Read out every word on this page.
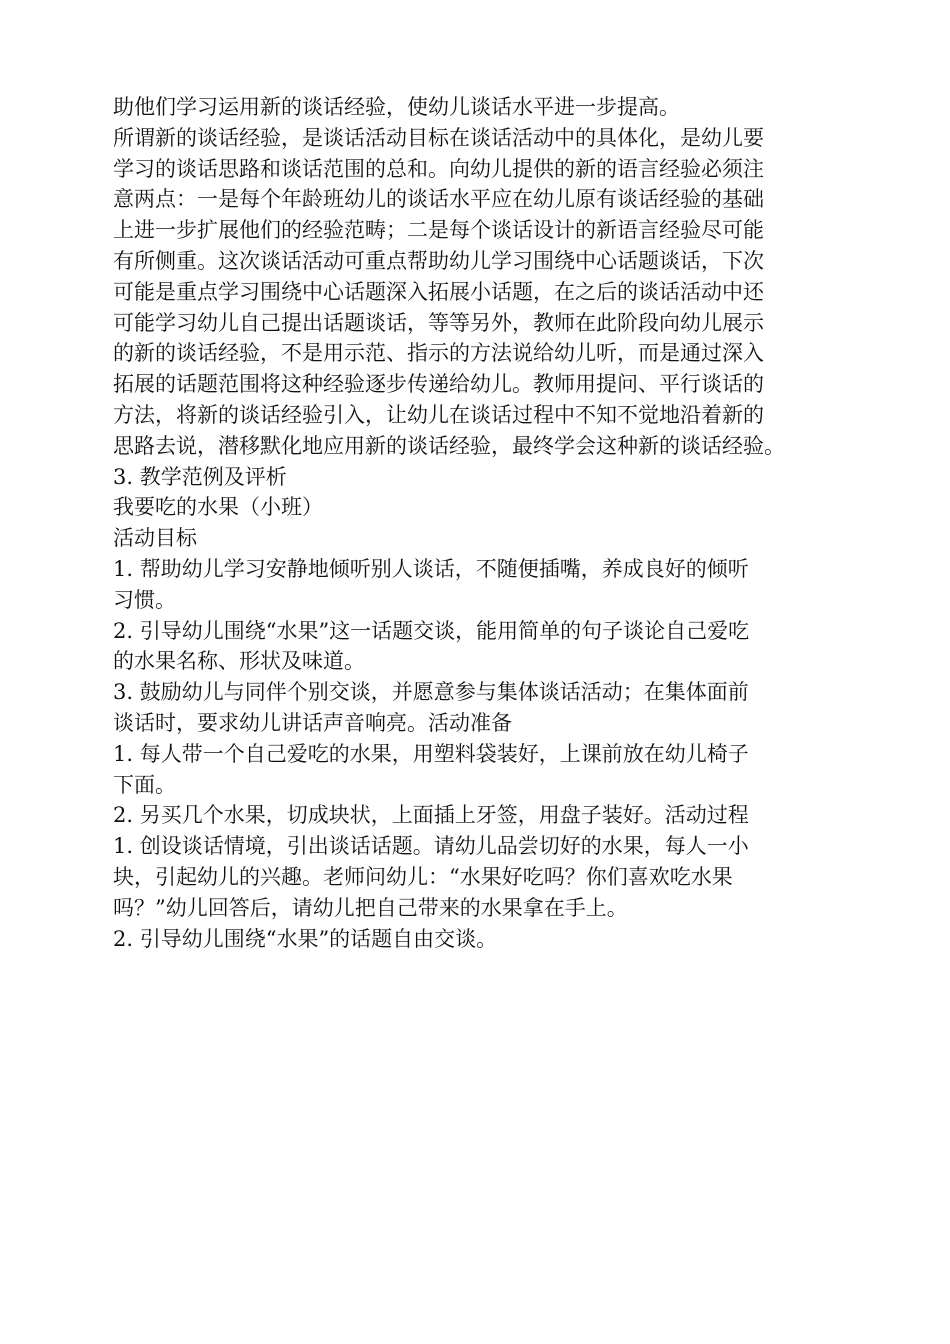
助他们学习运用新的谈话经验，使幼儿谈话水平进一步提高。
所谓新的谈话经验，是谈话活动目标在谈话活动中的具体化，是幼儿要
学习的谈话思路和谈话范围的总和。向幼儿提供的新的语言经验必须注
意两点：一是每个年龄班幼儿的谈话水平应在幼儿原有谈话经验的基础
上进一步扩展他们的经验范畴；二是每个谈话设计的新语言经验尽可能
有所侧重。这次谈话活动可重点帮助幼儿学习围绕中心话题谈话，下次
可能是重点学习围绕中心话题深入拓展小话题，在之后的谈话活动中还
可能学习幼儿自己提出话题谈话，等等另外，教师在此阶段向幼儿展示
的新的谈话经验，不是用示范、指示的方法说给幼儿听，而是通过深入
拓展的话题范围将这种经验逐步传递给幼儿。教师用提问、平行谈话的
方法，将新的谈话经验引入，让幼儿在谈话过程中不知不觉地沿着新的
思路去说，潜移默化地应用新的谈话经验，最终学会这种新的谈话经验。
3. 教学范例及评析
我要吃的水果（小班）
活动目标
1. 帮助幼儿学习安静地倾听别人谈话，不随便插嘴，养成良好的倾听
习惯。
2. 引导幼儿围绕“水果”这一话题交谈，能用简单的句子谈论自己爱吃
的水果名称、形状及味道。
3. 鼓励幼儿与同伴个别交谈，并愿意参与集体谈话活动；在集体面前
谈话时，要求幼儿讲话声音响亮。活动准备
1. 每人带一个自己爱吃的水果，用塑料袋装好，上课前放在幼儿椅子
下面。
2. 另买几个水果，切成块状，上面插上牙签，用盘子装好。活动过程
1. 创设谈话情境，引出谈话话题。请幼儿品尝切好的水果，每人一小
块，引起幼儿的兴趣。老师问幼儿：“水果好吃吗？你们喜欢吃水果
吗？”幼儿回答后，请幼儿把自己带来的水果拿在手上。
2. 引导幼儿围绕“水果”的话题自由交谈。
